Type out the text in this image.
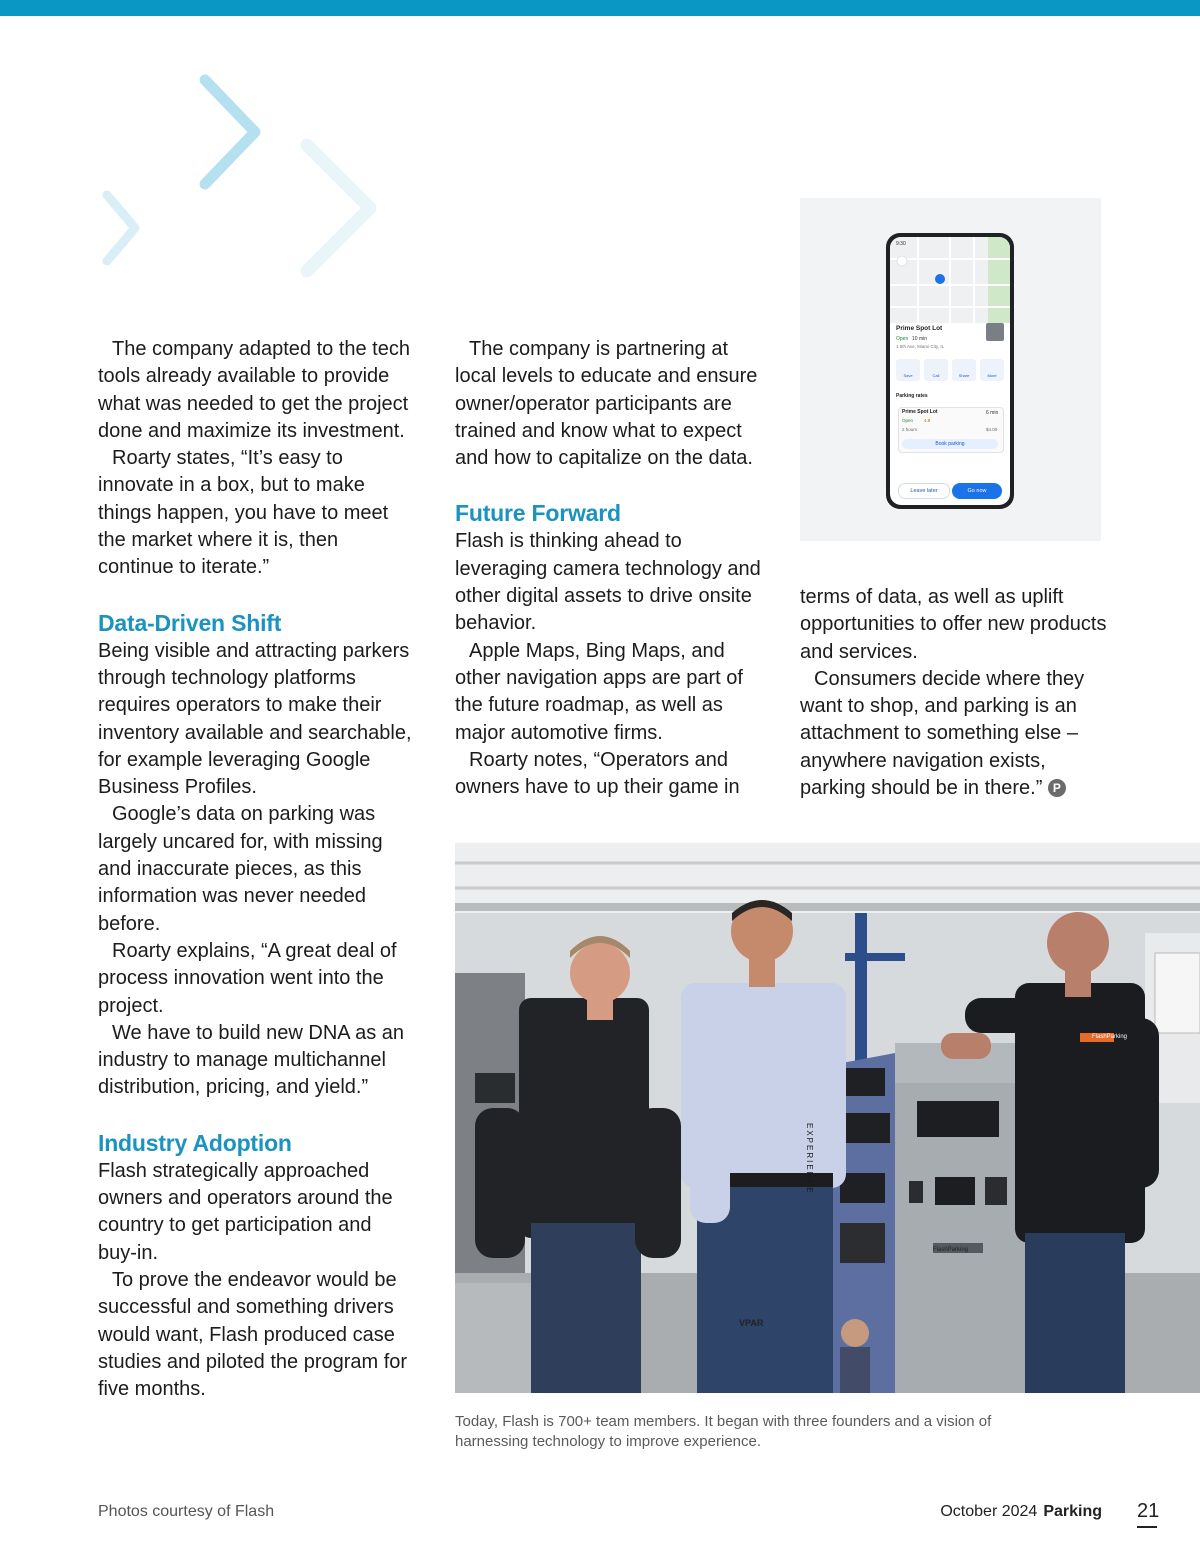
The company adapted to the tech tools already available to provide what was needed to get the project done and maximize its investment.

Roarty states, “It’s easy to innovate in a box, but to make things happen, you have to meet the market where it is, then continue to iterate.”

Data-Driven Shift

Being visible and attracting parkers through technology platforms requires operators to make their inventory available and searchable, for example leveraging Google Business Profiles.

Google’s data on parking was largely uncared for, with missing and inaccurate pieces, as this information was never needed before.

Roarty explains, “A great deal of process innovation went into the project.

We have to build new DNA as an industry to manage multichannel distribution, pricing, and yield.”

Industry Adoption

Flash strategically approached owners and operators around the country to get participation and buy-in.

To prove the endeavor would be successful and something drivers would want, Flash produced case studies and piloted the program for five months.

The company is partnering at local levels to educate and ensure owner/operator participants are trained and know what to expect and how to capitalize on the data.

Future Forward

Flash is thinking ahead to leveraging camera technology and other digital assets to drive onsite behavior.

Apple Maps, Bing Maps, and other navigation apps are part of the future roadmap, as well as major automotive firms.

Roarty notes, “Operators and owners have to up their game in

9:30
Prime Spot Lot
Open 10 min
1 5th Ave, Miami City, IL
Save	Call	Share	More
Parking rates
Prime Spot Lot	6 min
Open 4.9
2 hours	$4.00
Book parking
Leave later	Go now

terms of data, as well as uplift opportunities to offer new products and services.

Consumers decide where they want to shop, and parking is an attachment to something else – anywhere navigation exists, parking should be in there.” P

FlashParking
FlashParking
EXPERIENCE
VPAR
Today, Flash is 700+ team members. It began with three founders and a vision of
harnessing technology to improve experience.
Photos courtesy of Flash	October 2024 Parking 21
